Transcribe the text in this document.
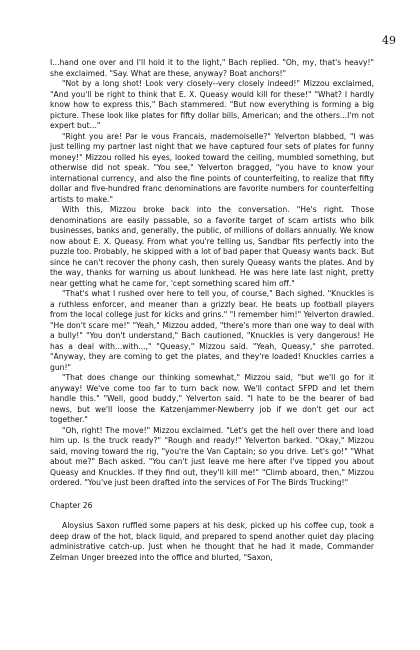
49

I...hand one over and I'll hold it to the light," Bach replied. "Oh, my, that's heavy!" she exclaimed. "Say. What are these, anyway? Boat anchors!"

"Not by a long shot! Look very closely--very closely indeed!" Mizzou exclaimed, "And you'll be right to think that E. X. Queasy would kill for these!" "What? I hardly know how to express this," Bach stammered. "But now everything is forming a big picture. These look like plates for fifty dollar bills, American; and the others...I'm not expert but..."

"Right you are! Par le vous Francais, mademoiselle?" Yelverton blabbed, "I was just telling my partner last night that we have captured four sets of plates for funny money!" Mizzou rolled his eyes, looked toward the ceiling, mumbled something, but otherwise did not speak. "You see," Yelverton bragged, "you have to know your international currency, and also the fine points of counterfeiting, to realize that fifty dollar and five-hundred franc denominations are favorite numbers for counterfeiting artists to make."

With this, Mizzou broke back into the conversation. "He's right. Those denominations are easily passable, so a favorite target of scam artists who bilk businesses, banks and, generally, the public, of millions of dollars annually. We know now about E. X. Queasy. From what you're telling us, Sandbar fits perfectly into the puzzle too. Probably, he skipped with a lot of bad paper that Queasy wants back. But since he can't recover the phony cash, then surely Queasy wants the plates. And by the way, thanks for warning us about lunkhead. He was here late last night, pretty near getting what he came for, 'cept something scared him off."

"That's what I rushed over here to tell you, of course," Bach sighed. "Knuckles is a ruthless enforcer, and meaner than a grizzly bear. He beats up football players from the local college just for kicks and grins." "I remember him!" Yelverton drawled. "He don't scare me!" "Yeah," Mizzou added, "there's more than one way to deal with a bully!" "You don't understand," Bach cautioned, "Knuckles is very dangerous! He has a deal with...with...," "Queasy," Mizzou said. "Yeah, Queasy," she parroted. "Anyway, they are coming to get the plates, and they're loaded! Knuckles carries a gun!"

"That does change our thinking somewhat," Mizzou said, "but we'll go for it anyway! We've come too far to turn back now. We'll contact SFPD and let them handle this." "Well, good buddy," Yelverton said. "I hate to be the bearer of bad news, but we'll loose the Katzenjammer-Newberry job if we don't get our act together."

"Oh, right! The move!" Mizzou exclaimed. "Let's get the hell over there and load him up. Is the truck ready?" "Rough and ready!" Yelverton barked. "Okay," Mizzou said, moving toward the rig, "you're the Van Captain; so you drive. Let's go!" "What about me?" Bach asked. "You can't just leave me here after I've tipped you about Queasy and Knuckles. If they find out, they'll kill me!" "Climb aboard, then," Mizzou ordered. "You've just been drafted into the services of For The Birds Trucking!"

Chapter 26

Aloysius Saxon ruffled some papers at his desk, picked up his coffee cup, took a deep draw of the hot, black liquid, and prepared to spend another quiet day placing administrative catch-up. Just when he thought that he had it made, Commander Zelman Unger breezed into the office and blurted, "Saxon,
